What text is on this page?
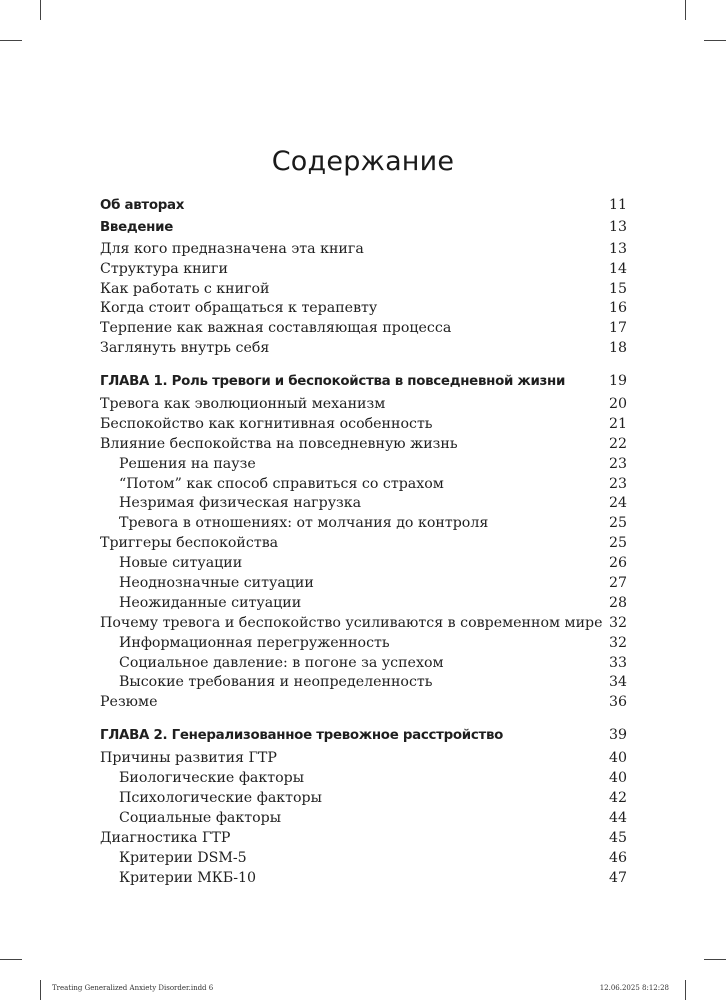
Содержание
Об авторах	11
Введение	13
Для кого предназначена эта книга	13
Структура книги	14
Как работать с книгой	15
Когда стоит обращаться к терапевту	16
Терпение как важная составляющая процесса	17
Заглянуть внутрь себя	18
ГЛАВА 1. Роль тревоги и беспокойства в повседневной жизни	19
Тревога как эволюционный механизм	20
Беспокойство как когнитивная особенность	21
Влияние беспокойства на повседневную жизнь	22
Решения на паузе	23
“Потом” как способ справиться со страхом	23
Незримая физическая нагрузка	24
Тревога в отношениях: от молчания до контроля	25
Триггеры беспокойства	25
Новые ситуации	26
Неоднозначные ситуации	27
Неожиданные ситуации	28
Почему тревога и беспокойство усиливаются в современном мире 32
Информационная перегруженность	32
Социальное давление: в погоне за успехом	33
Высокие требования и неопределенность	34
Резюме	36
ГЛАВА 2. Генерализованное тревожное расстройство	39
Причины развития ГТР	40
Биологические факторы	40
Психологические факторы	42
Социальные факторы	44
Диагностика ГТР	45
Критерии DSM-5	46
Критерии МКБ-10	47
Treating Generalized Anxiety Disorder.indd 6	12.06.2025 8:12:28
